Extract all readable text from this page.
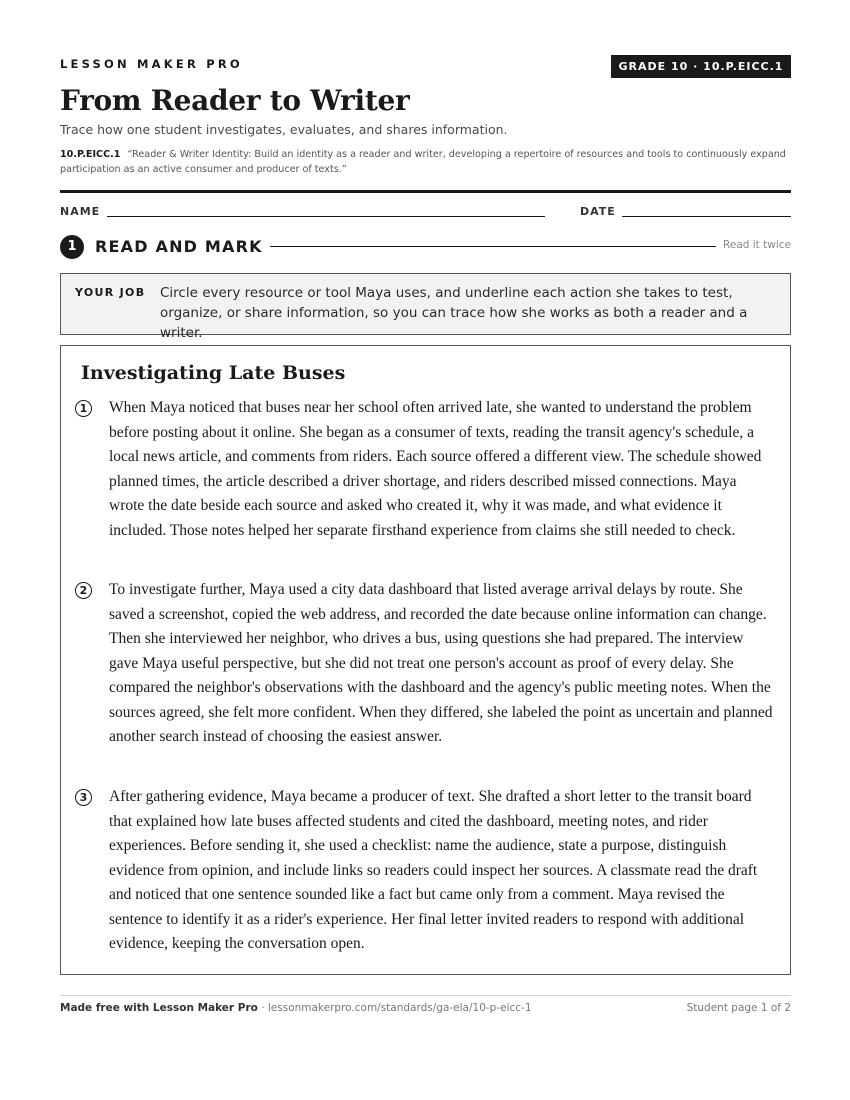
LESSON MAKER PRO	GRADE 10 · 10.P.EICC.1
From Reader to Writer
Trace how one student investigates, evaluates, and shares information.
10.P.EICC.1 “Reader & Writer Identity: Build an identity as a reader and writer, developing a repertoire of resources and tools to continuously expand participation as an active consumer and producer of texts.”
NAME	DATE
1	READ AND MARK	Read it twice
YOUR JOB Circle every resource or tool Maya uses, and underline each action she takes to test, organize, or share information, so you can trace how she works as both a reader and a writer.
Investigating Late Buses
1	When Maya noticed that buses near her school often arrived late, she wanted to understand the problem before posting about it online. She began as a consumer of texts, reading the transit agency's schedule, a local news article, and comments from riders. Each source offered a different view. The schedule showed planned times, the article described a driver shortage, and riders described missed connections. Maya wrote the date beside each source and asked who created it, why it was made, and what evidence it included. Those notes helped her separate firsthand experience from claims she still needed to check.

2	To investigate further, Maya used a city data dashboard that listed average arrival delays by route. She saved a screenshot, copied the web address, and recorded the date because online information can change. Then she interviewed her neighbor, who drives a bus, using questions she had prepared. The interview gave Maya useful perspective, but she did not treat one person's account as proof of every delay. She compared the neighbor's observations with the dashboard and the agency's public meeting notes. When the sources agreed, she felt more confident. When they differed, she labeled the point as uncertain and planned another search instead of choosing the easiest answer.

3	After gathering evidence, Maya became a producer of text. She drafted a short letter to the transit board that explained how late buses affected students and cited the dashboard, meeting notes, and rider experiences. Before sending it, she used a checklist: name the audience, state a purpose, distinguish evidence from opinion, and include links so readers could inspect her sources. A classmate read the draft and noticed that one sentence sounded like a fact but came only from a comment. Maya revised the sentence to identify it as a rider's experience. Her final letter invited readers to respond with additional evidence, keeping the conversation open.

Made free with Lesson Maker Pro · lessonmakerpro.com/standards/ga-ela/10-p-eicc-1	Student page 1 of 2
